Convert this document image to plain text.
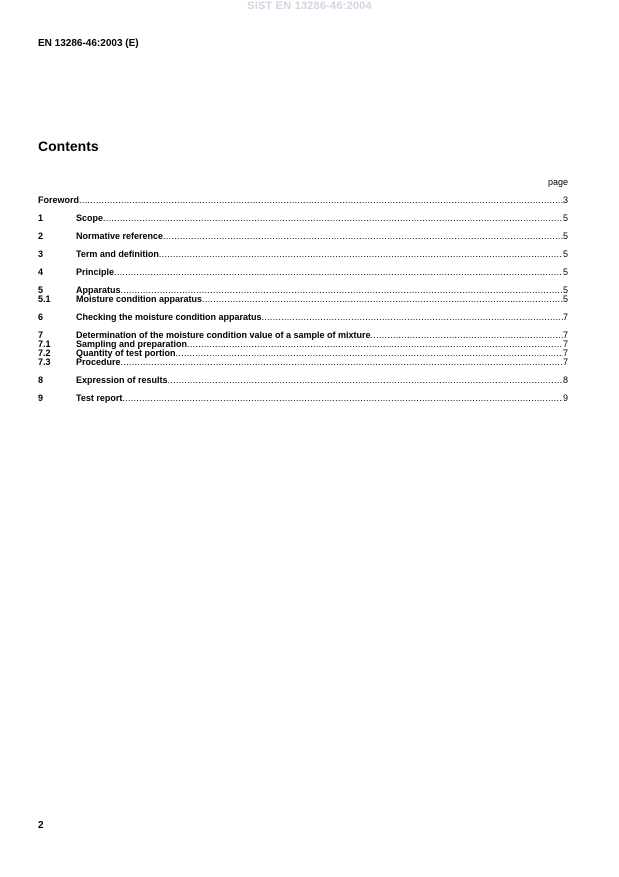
SIST EN 13286-46:2004
EN 13286-46:2003 (E)
Contents
page
Foreword .....	3
1	Scope .....	5
2	Normative reference .....	5
3	Term and definition .....	5
4	Principle .....	5
5	Apparatus .....	5
5.1	Moisture condition apparatus .....	5
6	Checking the moisture condition apparatus .....	7
7	Determination of the moisture condition value of a sample of mixture .....	7
7.1	Sampling and preparation .....	7
7.2	Quantity of test portion .....	7
7.3	Procedure .....	7
8	Expression of results .....	8
9	Test report .....	9
2
